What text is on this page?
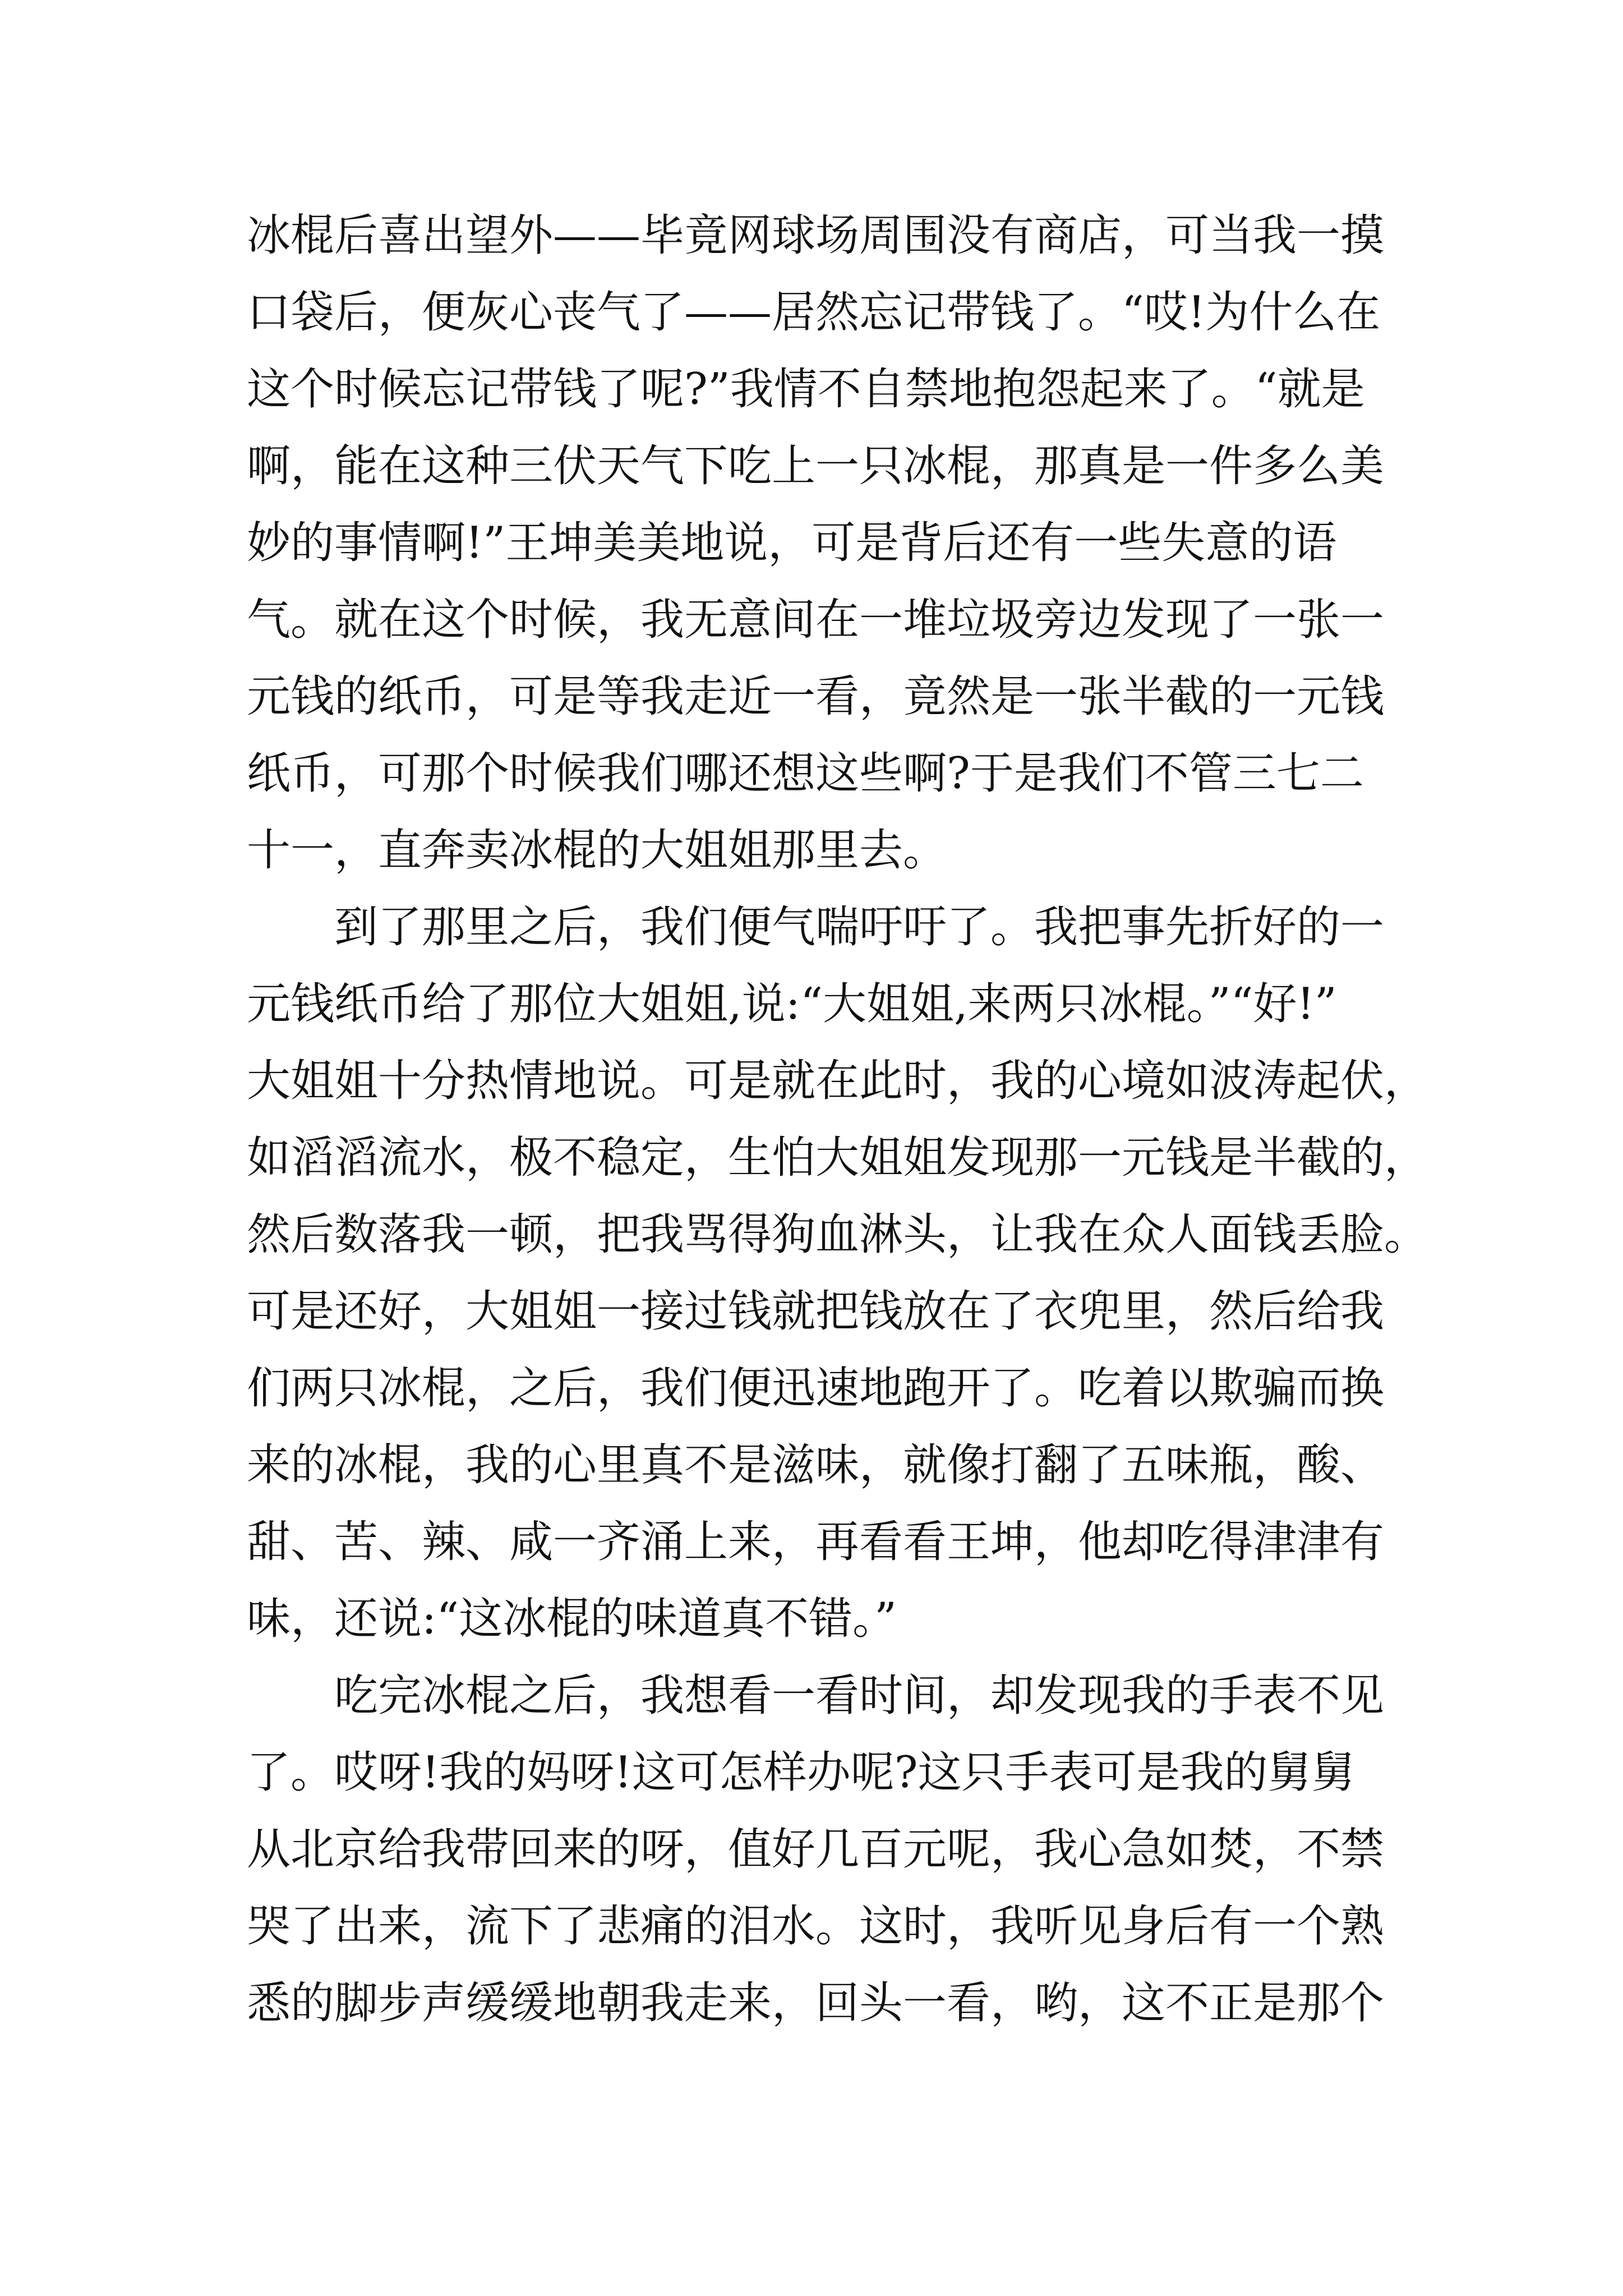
冰棍后喜出望外——毕竟网球场周围没有商店，可当我一摸
口袋后，便灰心丧气了——居然忘记带钱了。“哎!为什么在
这个时候忘记带钱了呢?”我情不自禁地抱怨起来了。“就是
啊，能在这种三伏天气下吃上一只冰棍，那真是一件多么美
妙的事情啊!”王坤美美地说，可是背后还有一些失意的语
气。就在这个时候，我无意间在一堆垃圾旁边发现了一张一
元钱的纸币，可是等我走近一看，竟然是一张半截的一元钱
纸币，可那个时候我们哪还想这些啊?于是我们不管三七二
十一，直奔卖冰棍的大姐姐那里去。
　　到了那里之后，我们便气喘吁吁了。我把事先折好的一
元钱纸币给了那位大姐姐,说:“大姐姐,来两只冰棍。”“好!”
大姐姐十分热情地说。可是就在此时，我的心境如波涛起伏，
如滔滔流水，极不稳定，生怕大姐姐发现那一元钱是半截的，
然后数落我一顿，把我骂得狗血淋头，让我在众人面钱丢脸。
可是还好，大姐姐一接过钱就把钱放在了衣兜里，然后给我
们两只冰棍，之后，我们便迅速地跑开了。吃着以欺骗而换
来的冰棍，我的心里真不是滋味，就像打翻了五味瓶，酸、
甜、苦、辣、咸一齐涌上来，再看看王坤，他却吃得津津有
味，还说:“这冰棍的味道真不错。”
　　吃完冰棍之后，我想看一看时间，却发现我的手表不见
了。哎呀!我的妈呀!这可怎样办呢?这只手表可是我的舅舅
从北京给我带回来的呀，值好几百元呢，我心急如焚，不禁
哭了出来，流下了悲痛的泪水。这时，我听见身后有一个熟
悉的脚步声缓缓地朝我走来，回头一看，哟，这不正是那个
